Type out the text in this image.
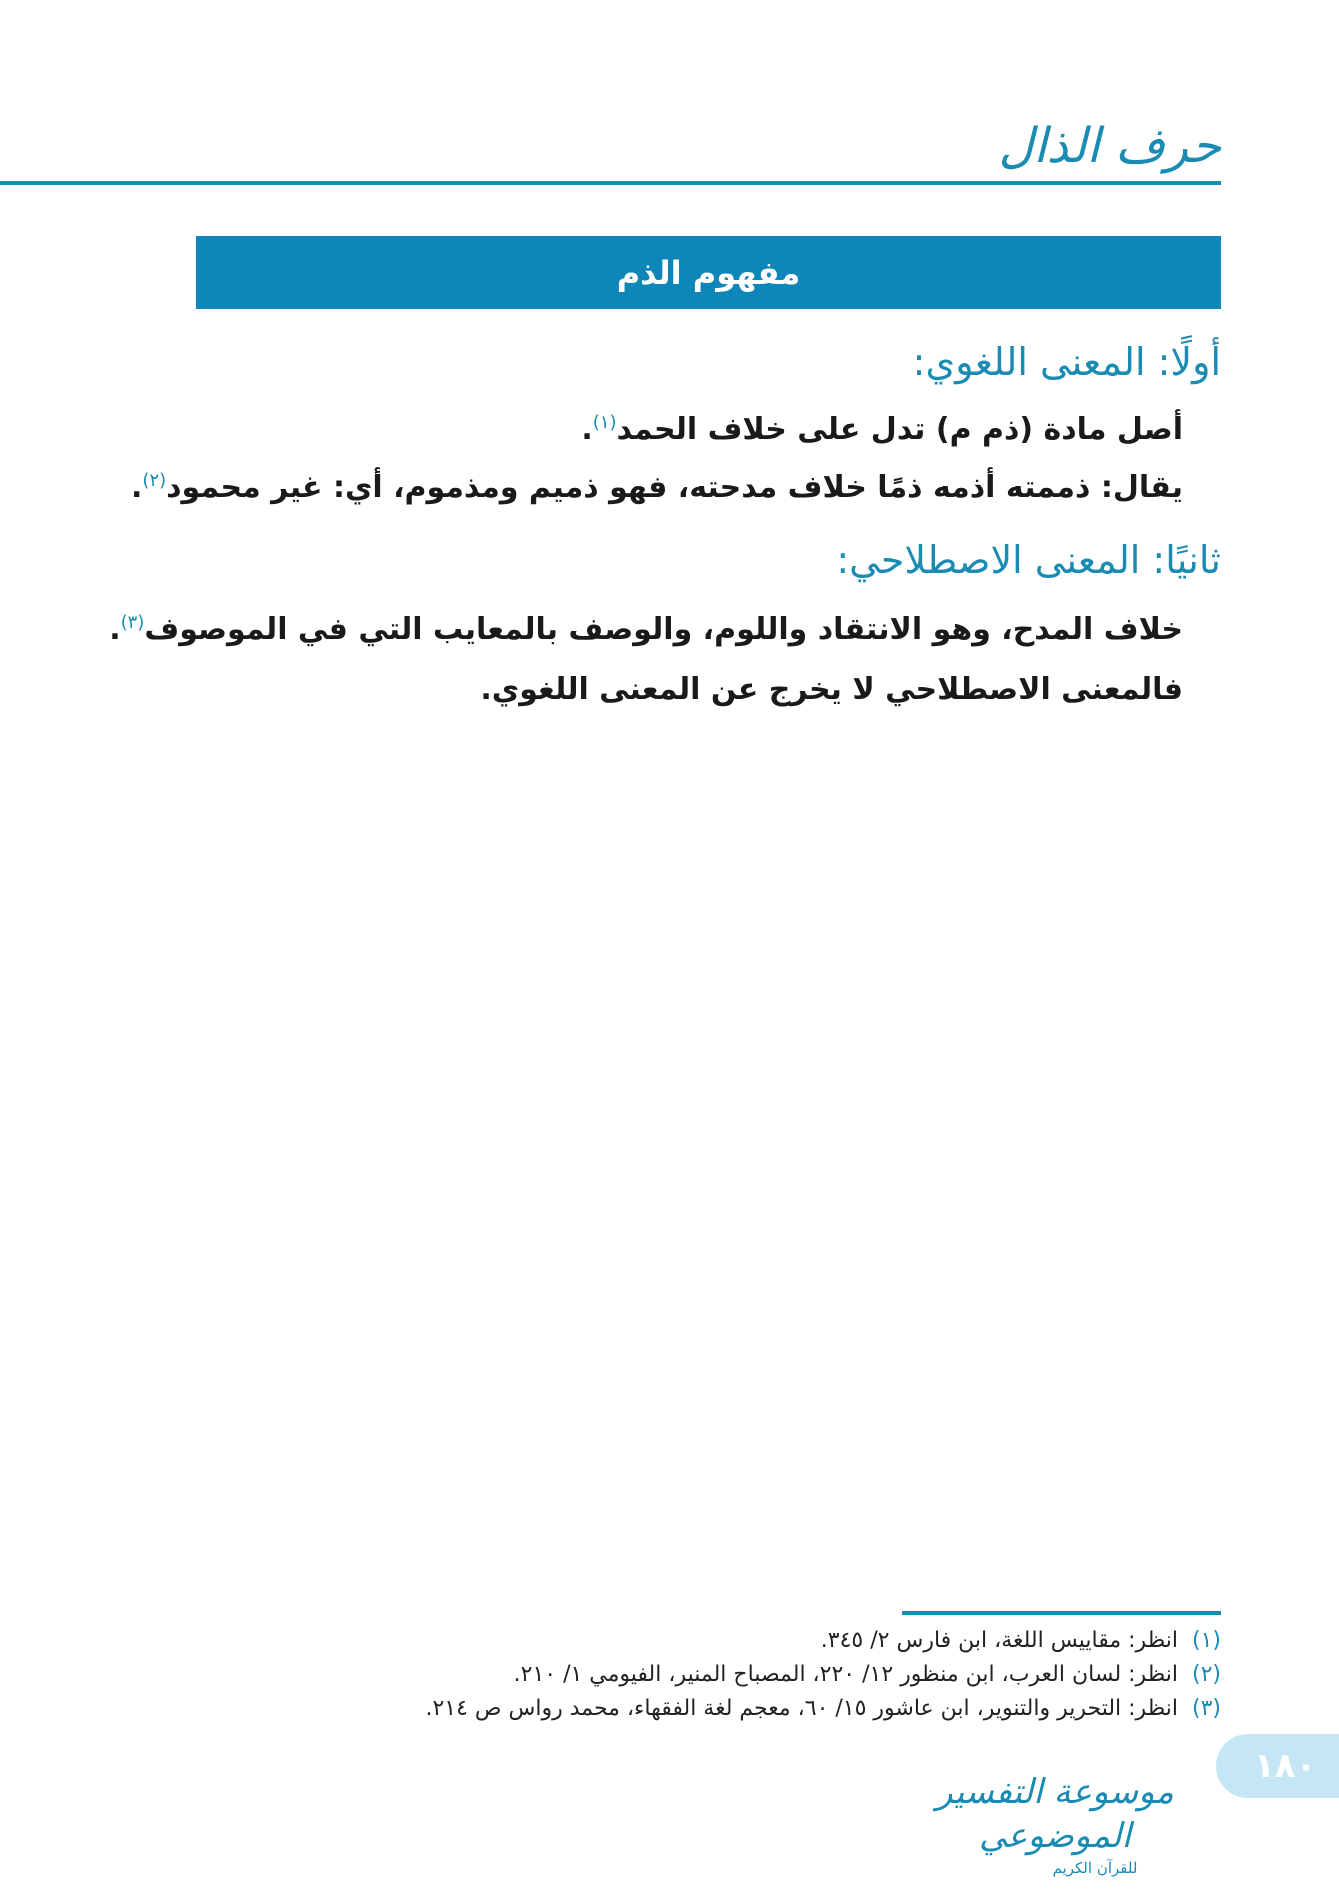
حرف الذال
مفهوم الذم
أولًا: المعنى اللغوي:
أصل مادة (ذم م) تدل على خلاف الحمد$^{(١)}$.
يقال: ذممته أذمه ذمًا خلاف مدحته، فهو ذميم ومذموم، أي: غير محمود$^{(٢)}$.
ثانيًا: المعنى الاصطلاحي:
خلاف المدح، وهو الانتقاد واللوم، والوصف بالمعايب التي في الموصوف$^{(٣)}$.
فالمعنى الاصطلاحي لا يخرج عن المعنى اللغوي.
(١)انظر: مقاييس اللغة، ابن فارس ٢/ ٣٤٥.
(٢)انظر: لسان العرب، ابن منظور ١٢/ ٢٢٠، المصباح المنير، الفيومي ١/ ٢١٠.
(٣)انظر: التحرير والتنوير، ابن عاشور ١٥/ ٦٠، معجم لغة الفقهاء، محمد رواس ص ٢١٤.
موسوعة التفسير الموضوعي
للقرآن الكريم
١٨٠
